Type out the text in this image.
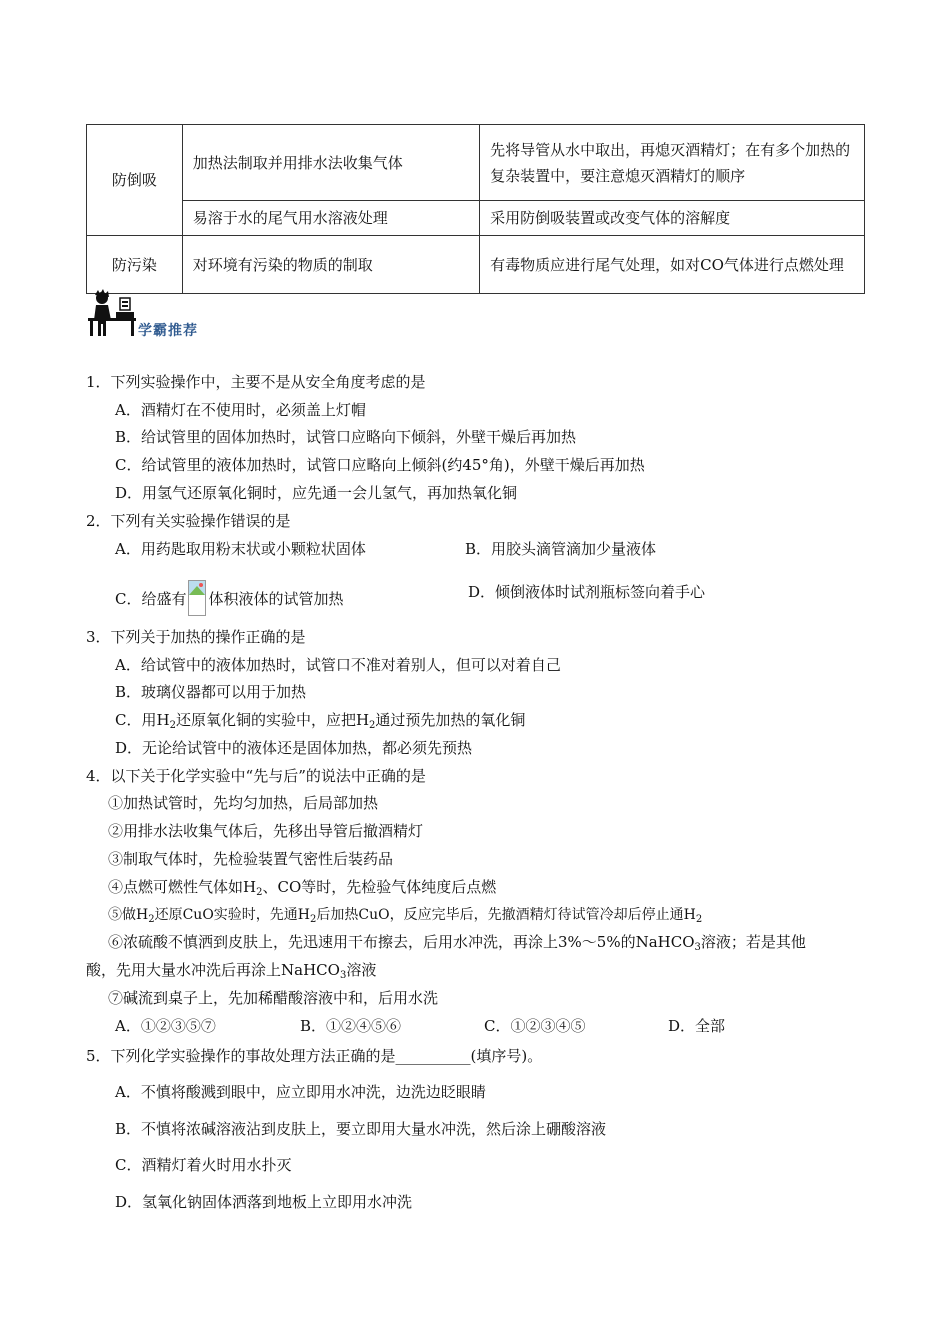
防倒吸	加热法制取并用排水法收集气体	先将导管从水中取出，再熄灭酒精灯；在有多个加热的复杂装置中，要注意熄灭酒精灯的顺序
	易溶于水的尾气用水溶液处理	采用防倒吸装置或改变气体的溶解度
防污染	对环境有污染的物质的制取	有毒物质应进行尾气处理，如对CO气体进行点燃处理
学霸推荐
1．下列实验操作中，主要不是从安全角度考虑的是
A．酒精灯在不使用时，必须盖上灯帽
B．给试管里的固体加热时，试管口应略向下倾斜，外壁干燥后再加热
C．给试管里的液体加热时，试管口应略向上倾斜(约45°角)，外壁干燥后再加热
D．用氢气还原氧化铜时，应先通一会儿氢气，再加热氧化铜
2．下列有关实验操作错误的是
A．用药匙取用粉末状或小颗粒状固体	B．用胶头滴管滴加少量液体
C．给盛有 体积液体的试管加热	D．倾倒液体时试剂瓶标签向着手心
3．下列关于加热的操作正确的是
A．给试管中的液体加热时，试管口不准对着别人，但可以对着自己
B．玻璃仪器都可以用于加热
C．用$H_2$还原氧化铜的实验中，应把$H_2$通过预先加热的氧化铜
D．无论给试管中的液体还是固体加热，都必须先预热
4．以下关于化学实验中“先与后”的说法中正确的是
①加热试管时，先均匀加热，后局部加热
②用排水法收集气体后，先移出导管后撤酒精灯
③制取气体时，先检验装置气密性后装药品
④点燃可燃性气体如$H_2$、CO等时，先检验气体纯度后点燃
⑤做$H_2$还原CuO实验时，先通$H_2$后加热CuO，反应完毕后，先撤酒精灯待试管冷却后停止通$H_2$
⑥浓硫酸不慎洒到皮肤上，先迅速用干布擦去，后用水冲洗，再涂上3%～5%的NaHCO$_3$溶液；若是其他
酸，先用大量水冲洗后再涂上NaHCO$_3$溶液
⑦碱流到桌子上，先加稀醋酸溶液中和，后用水洗
A．①②③⑤⑦	B．①②④⑤⑥	C．①②③④⑤	D．全部
5．下列化学实验操作的事故处理方法正确的是__________(填序号)。
A．不慎将酸溅到眼中，应立即用水冲洗，边洗边眨眼睛
B．不慎将浓碱溶液沾到皮肤上，要立即用大量水冲洗，然后涂上硼酸溶液
C．酒精灯着火时用水扑灭
D．氢氧化钠固体洒落到地板上立即用水冲洗
